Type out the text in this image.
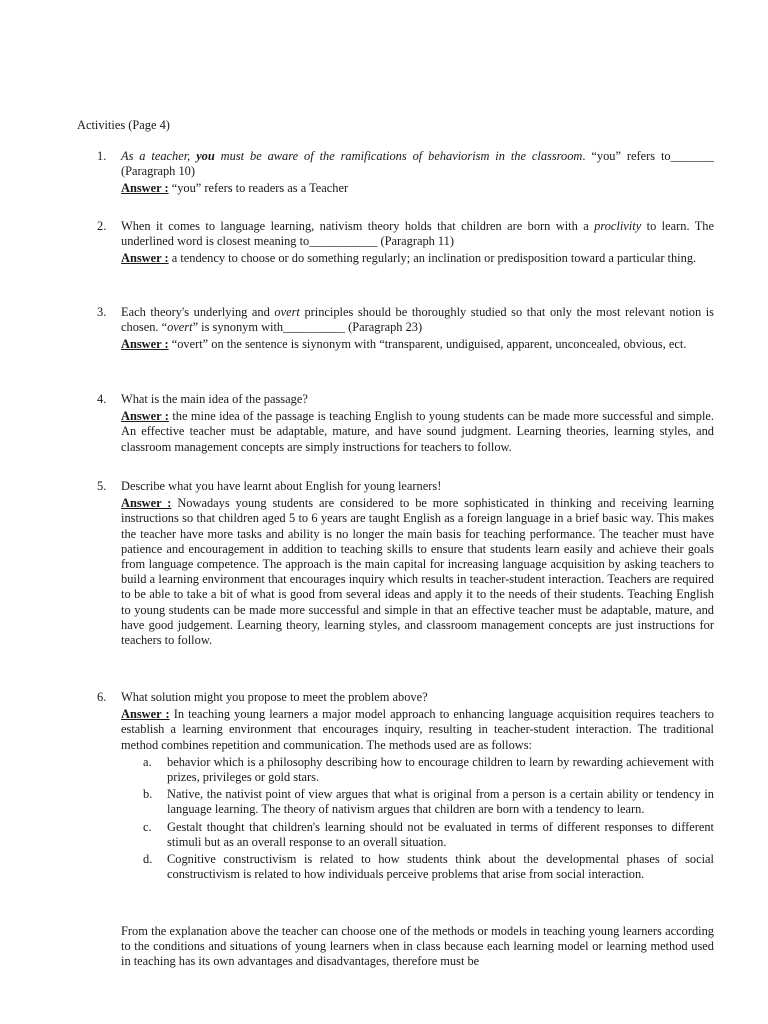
Activities (Page 4)
1. As a teacher, you must be aware of the ramifications of behaviorism in the classroom. “you” refers to_______ (Paragraph 10)
Answer : “you” refers to readers as a Teacher
2. When it comes to language learning, nativism theory holds that children are born with a proclivity to learn. The underlined word is closest meaning to___________ (Paragraph 11)
Answer : a tendency to choose or do something regularly; an inclination or predisposition toward a particular thing.
3. Each theory's underlying and overt principles should be thoroughly studied so that only the most relevant notion is chosen. “overt” is synonym with__________ (Paragraph 23)
Answer : “overt” on the sentence is siynonym with “transparent, undiguised, apparent, unconcealed, obvious, ect.
4. What is the main idea of the passage?
Answer : the mine idea of the passage is teaching English to young students can be made more successful and simple. An effective teacher must be adaptable, mature, and have sound judgment. Learning theories, learning styles, and classroom management concepts are simply instructions for teachers to follow.
5. Describe what you have learnt about English for young learners!
Answer : Nowadays young students are considered to be more sophisticated in thinking and receiving learning instructions so that children aged 5 to 6 years are taught English as a foreign language in a brief basic way. This makes the teacher have more tasks and ability is no longer the main basis for teaching performance. The teacher must have patience and encouragement in addition to teaching skills to ensure that students learn easily and achieve their goals from language competence. The approach is the main capital for increasing language acquisition by asking teachers to build a learning environment that encourages inquiry which results in teacher-student interaction. Teachers are required to be able to take a bit of what is good from several ideas and apply it to the needs of their students. Teaching English to young students can be made more successful and simple in that an effective teacher must be adaptable, mature, and have good judgement. Learning theory, learning styles, and classroom management concepts are just instructions for teachers to follow.
6. What solution might you propose to meet the problem above?
Answer : In teaching young learners a major model approach to enhancing language acquisition requires teachers to establish a learning environment that encourages inquiry, resulting in teacher-student interaction. The traditional method combines repetition and communication. The methods used are as follows:
a. behavior which is a philosophy describing how to encourage children to learn by rewarding achievement with prizes, privileges or gold stars.
b. Native, the nativist point of view argues that what is original from a person is a certain ability or tendency in language learning. The theory of nativism argues that children are born with a tendency to learn.
c. Gestalt thought that children's learning should not be evaluated in terms of different responses to different stimuli but as an overall response to an overall situation.
d. Cognitive constructivism is related to how students think about the developmental phases of social constructivism is related to how individuals perceive problems that arise from social interaction.
From the explanation above the teacher can choose one of the methods or models in teaching young learners according to the conditions and situations of young learners when in class because each learning model or learning method used in teaching has its own advantages and disadvantages, therefore must be
